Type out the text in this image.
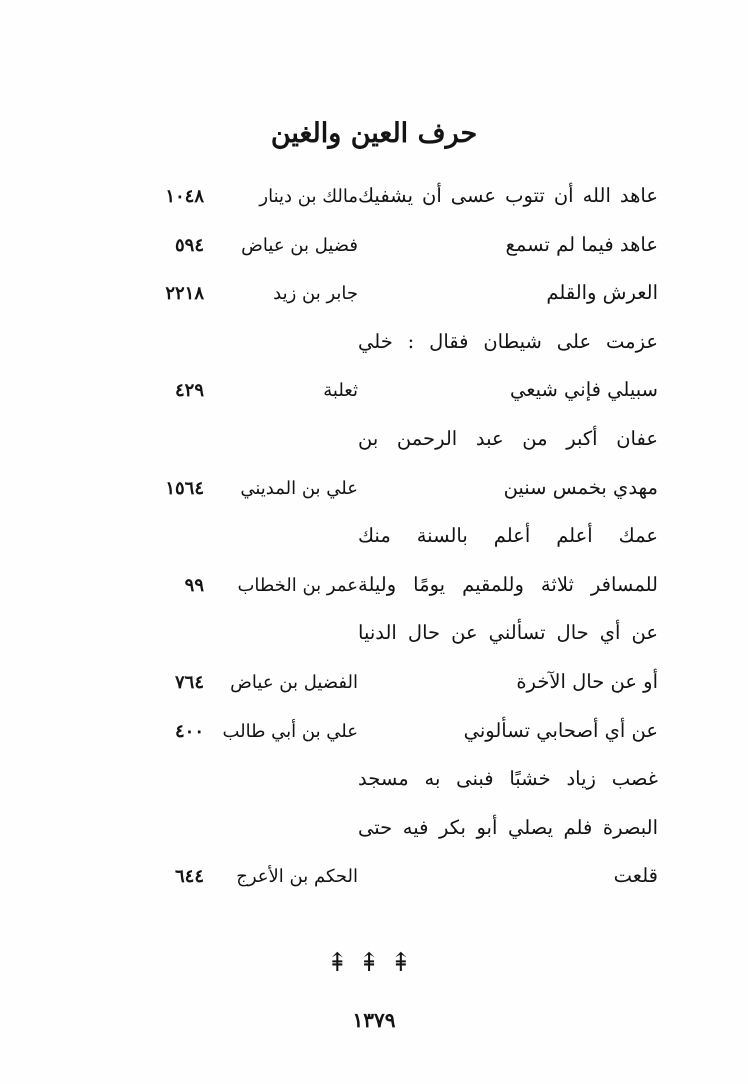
حرف العين والغين
عاهد الله أن تتوب عسى أن يشفيك
مالك بن دينار
١٠٤٨
عاهد فيما لم تسمع
فضيل بن عياض
٥٩٤
العرش والقلم
جابر بن زيد
٢٢١٨
عزمت على شيطان فقال : خلي
سبيلي فإني شيعي
ثعلبة
٤٢٩
عفان أكبر من عبد الرحمن بن
مهدي بخمس سنين
علي بن المديني
١٥٦٤
عمك أعلم أعلم بالسنة منك
للمسافر ثلاثة وللمقيم يومًا وليلة
عمر بن الخطاب
٩٩
عن أي حال تسألني عن حال الدنيا
أو عن حال الآخرة
الفضيل بن عياض
٧٦٤
عن أي أصحابي تسألوني
علي بن أبي طالب
٤٠٠
غصب زياد خشبًا فبنى به مسجد
البصرة فلم يصلي أبو بكر فيه حتى
قلعت
الحكم بن الأعرج
٦٤٤
⇞⇞⇞
١٣٧٩
